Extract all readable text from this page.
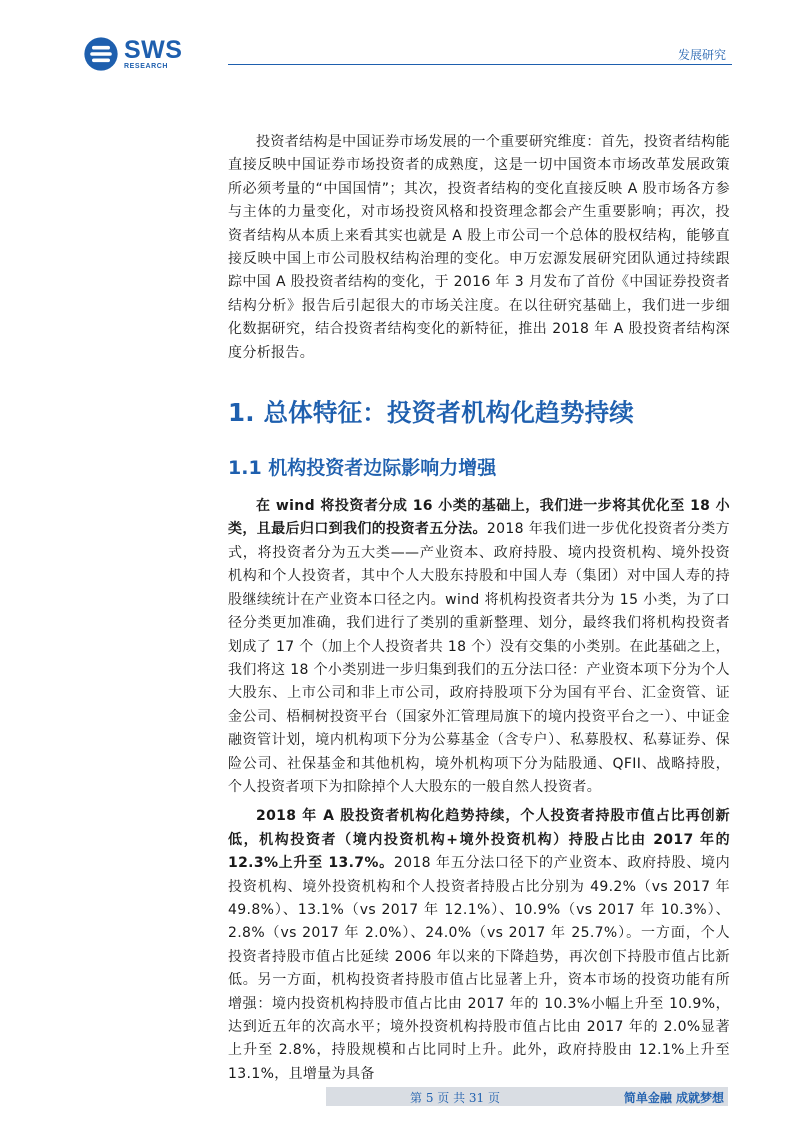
SWS
RESEARCH
发展研究

投资者结构是中国证券市场发展的一个重要研究维度：首先，投资者结构能直接反映中国证券市场投资者的成熟度，这是一切中国资本市场改革发展政策所必须考量的“中国国情”；其次，投资者结构的变化直接反映 A 股市场各方参与主体的力量变化，对市场投资风格和投资理念都会产生重要影响；再次，投资者结构从本质上来看其实也就是 A 股上市公司一个总体的股权结构，能够直接反映中国上市公司股权结构治理的变化。申万宏源发展研究团队通过持续跟踪中国 A 股投资者结构的变化，于 2016 年 3 月发布了首份《中国证券投资者结构分析》报告后引起很大的市场关注度。在以往研究基础上，我们进一步细化数据研究，结合投资者结构变化的新特征，推出 2018 年 A 股投资者结构深度分析报告。

1. 总体特征：投资者机构化趋势持续
1.1 机构投资者边际影响力增强

在 wind 将投资者分成 16 小类的基础上，我们进一步将其优化至 18 小类，且最后归口到我们的投资者五分法。2018 年我们进一步优化投资者分类方式，将投资者分为五大类——产业资本、政府持股、境内投资机构、境外投资机构和个人投资者，其中个人大股东持股和中国人寿（集团）对中国人寿的持股继续统计在产业资本口径之内。wind 将机构投资者共分为 15 小类，为了口径分类更加准确，我们进行了类别的重新整理、划分，最终我们将机构投资者划成了 17 个（加上个人投资者共 18 个）没有交集的小类别。在此基础之上，我们将这 18 个小类别进一步归集到我们的五分法口径：产业资本项下分为个人大股东、上市公司和非上市公司，政府持股项下分为国有平台、汇金资管、证金公司、梧桐树投资平台（国家外汇管理局旗下的境内投资平台之一）、中证金融资管计划，境内机构项下分为公募基金（含专户）、私募股权、私募证券、保险公司、社保基金和其他机构，境外机构项下分为陆股通、QFII、战略持股，个人投资者项下为扣除掉个人大股东的一般自然人投资者。

2018 年 A 股投资者机构化趋势持续，个人投资者持股市值占比再创新低，机构投资者（境内投资机构+境外投资机构）持股占比由 2017 年的 12.3%上升至 13.7%。2018 年五分法口径下的产业资本、政府持股、境内投资机构、境外投资机构和个人投资者持股占比分别为 49.2%（vs 2017 年 49.8%）、13.1%（vs 2017 年 12.1%）、10.9%（vs 2017 年 10.3%）、2.8%（vs 2017 年 2.0%）、24.0%（vs 2017 年 25.7%）。一方面，个人投资者持股市值占比延续 2006 年以来的下降趋势，再次创下持股市值占比新低。另一方面，机构投资者持股市值占比显著上升，资本市场的投资功能有所增强：境内投资机构持股市值占比由 2017 年的 10.3%小幅上升至 10.9%，达到近五年的次高水平；境外投资机构持股市值占比由 2017 年的 2.0%显著上升至 2.8%，持股规模和占比同时上升。此外，政府持股由 12.1%上升至 13.1%，且增量为具备

第 5 页 共 31 页	简单金融 成就梦想
